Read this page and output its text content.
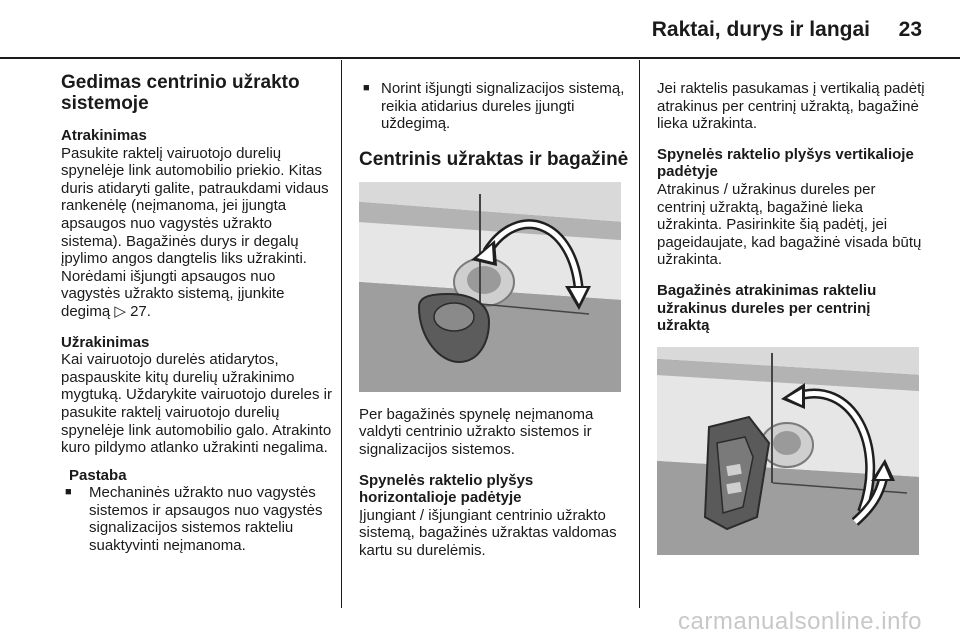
Raktai, durys ir langai 23
Gedimas centrinio užrakto sistemoje

Atrakinimas

Pasukite raktelį vairuotojo durelių spynelėje link automobilio priekio. Kitas duris atidaryti galite, patraukdami vidaus rankenėlę (neįmanoma, jei įjungta apsaugos nuo vagystės užrakto sistema). Bagažinės durys ir degalų įpylimo angos dangtelis liks užrakinti. Norėdami išjungti apsaugos nuo vagystės užrakto sistemą, įjunkite degimą ▷ 27.

Užrakinimas

Kai vairuotojo durelės atidarytos, paspauskite kitų durelių užrakinimo mygtuką. Uždarykite vairuotojo dureles ir pasukite raktelį vairuotojo durelių spynelėje link automobilio galo. Atrakinto kuro pildymo atlanko užrakinti negalima.

Pastaba

■ Mechaninės užrakto nuo vagystės sistemos ir apsaugos nuo vagystės signalizacijos sistemos rakteliu suaktyvinti neįmanoma.

■ Norint išjungti signalizacijos sistemą, reikia atidarius dureles įjungti uždegimą.

Centrinis užraktas ir bagažinė

Per bagažinės spynelę neįmanoma valdyti centrinio užrakto sistemos ir signalizacijos sistemos.

Spynelės raktelio plyšys horizontalioje padėtyje

Įjungiant / išjungiant centrinio užrakto sistemą, bagažinės užraktas valdomas kartu su durelėmis.

Jei raktelis pasukamas į vertikalią padėtį atrakinus per centrinį užraktą, bagažinė lieka užrakinta.

Spynelės raktelio plyšys vertikalioje padėtyje

Atrakinus / užrakinus dureles per centrinį užraktą, bagažinė lieka užrakinta. Pasirinkite šią padėtį, jei pageidaujate, kad bagažinė visada būtų užrakinta.

Bagažinės atrakinimas rakteliu užrakinus dureles per centrinį užraktą

carmanualsonline.info
